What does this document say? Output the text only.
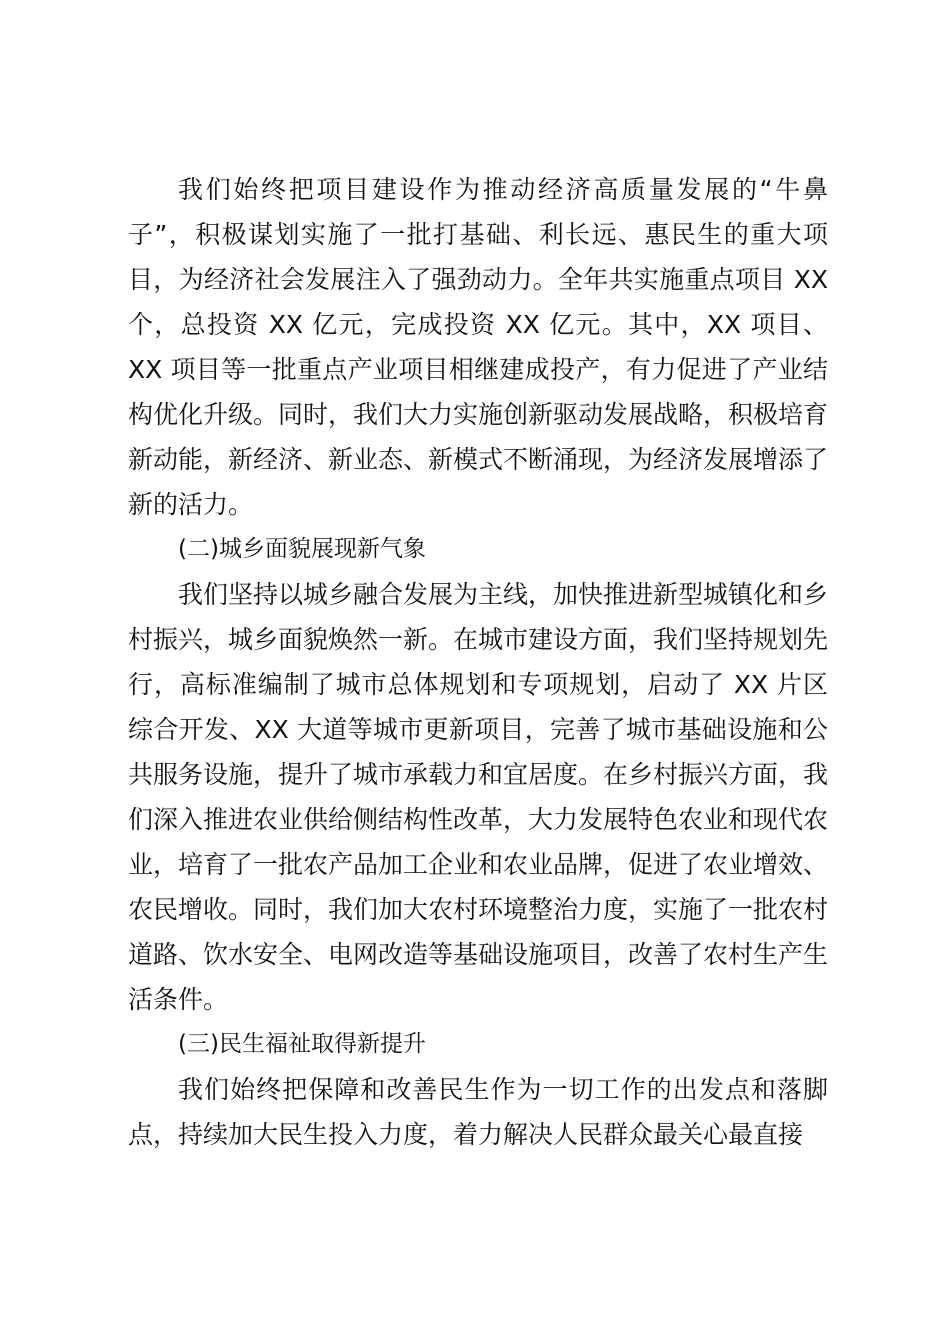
我们始终把项目建设作为推动经济高质量发展的“牛鼻子”，积极谋划实施了一批打基础、利长远、惠民生的重大项目，为经济社会发展注入了强劲动力。全年共实施重点项目 XX 个，总投资 XX 亿元，完成投资 XX 亿元。其中，XX 项目、XX 项目等一批重点产业项目相继建成投产，有力促进了产业结构优化升级。同时，我们大力实施创新驱动发展战略，积极培育新动能，新经济、新业态、新模式不断涌现，为经济发展增添了新的活力。

(二)城乡面貌展现新气象

我们坚持以城乡融合发展为主线，加快推进新型城镇化和乡村振兴，城乡面貌焕然一新。在城市建设方面，我们坚持规划先行，高标准编制了城市总体规划和专项规划，启动了 XX 片区综合开发、XX 大道等城市更新项目，完善了城市基础设施和公共服务设施，提升了城市承载力和宜居度。在乡村振兴方面，我们深入推进农业供给侧结构性改革，大力发展特色农业和现代农业，培育了一批农产品加工企业和农业品牌，促进了农业增效、农民增收。同时，我们加大农村环境整治力度，实施了一批农村道路、饮水安全、电网改造等基础设施项目，改善了农村生产生活条件。

(三)民生福祉取得新提升

我们始终把保障和改善民生作为一切工作的出发点和落脚点，持续加大民生投入力度，着力解决人民群众最关心最直接
